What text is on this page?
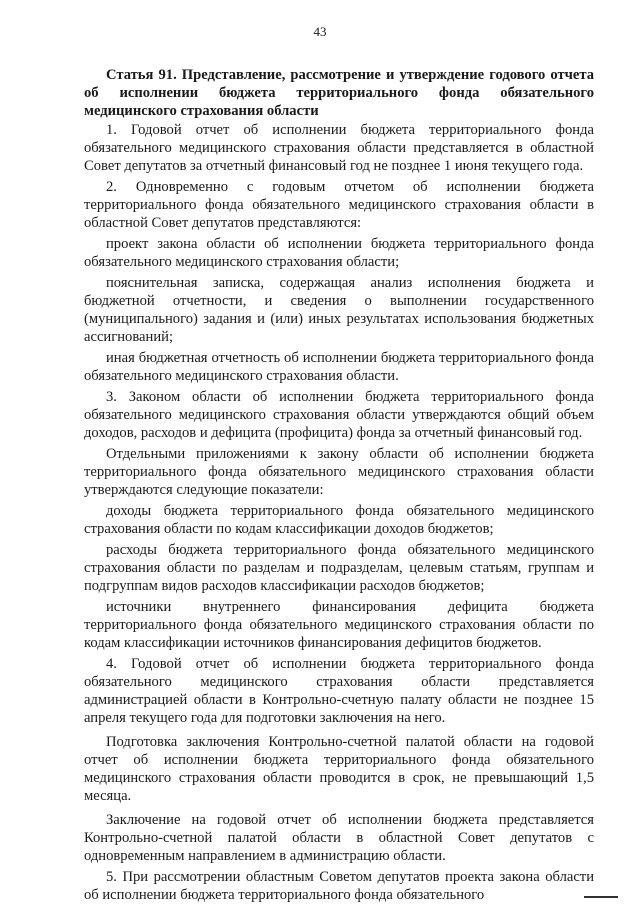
43
Статья 91. Представление, рассмотрение и утверждение годового отчета об исполнении бюджета территориального фонда обязательного медицинского страхования области
1. Годовой отчет об исполнении бюджета территориального фонда обязательного медицинского страхования области представляется в областной Совет депутатов за отчетный финансовый год не позднее 1 июня текущего года.
2. Одновременно с годовым отчетом об исполнении бюджета территориального фонда обязательного медицинского страхования области в областной Совет депутатов представляются:
проект закона области об исполнении бюджета территориального фонда обязательного медицинского страхования области;
пояснительная записка, содержащая анализ исполнения бюджета и бюджетной отчетности, и сведения о выполнении государственного (муниципального) задания и (или) иных результатах использования бюджетных ассигнований;
иная бюджетная отчетность об исполнении бюджета территориального фонда обязательного медицинского страхования области.
3. Законом области об исполнении бюджета территориального фонда обязательного медицинского страхования области утверждаются общий объем доходов, расходов и дефицита (профицита) фонда за отчетный финансовый год.
Отдельными приложениями к закону области об исполнении бюджета территориального фонда обязательного медицинского страхования области утверждаются следующие показатели:
доходы бюджета территориального фонда обязательного медицинского страхования области по кодам классификации доходов бюджетов;
расходы бюджета территориального фонда обязательного медицинского страхования области по разделам и подразделам, целевым статьям, группам и подгруппам видов расходов классификации расходов бюджетов;
источники внутреннего финансирования дефицита бюджета территориального фонда обязательного медицинского страхования области по кодам классификации источников финансирования дефицитов бюджетов.
4. Годовой отчет об исполнении бюджета территориального фонда обязательного медицинского страхования области представляется администрацией области в Контрольно-счетную палату области не позднее 15 апреля текущего года для подготовки заключения на него.
Подготовка заключения Контрольно-счетной палатой области на годовой отчет об исполнении бюджета территориального фонда обязательного медицинского страхования области проводится в срок, не превышающий 1,5 месяца.
Заключение на годовой отчет об исполнении бюджета представляется Контрольно-счетной палатой области в областной Совет депутатов с одновременным направлением в администрацию области.
5. При рассмотрении областным Советом депутатов проекта закона области об исполнении бюджета территориального фонда обязательного
